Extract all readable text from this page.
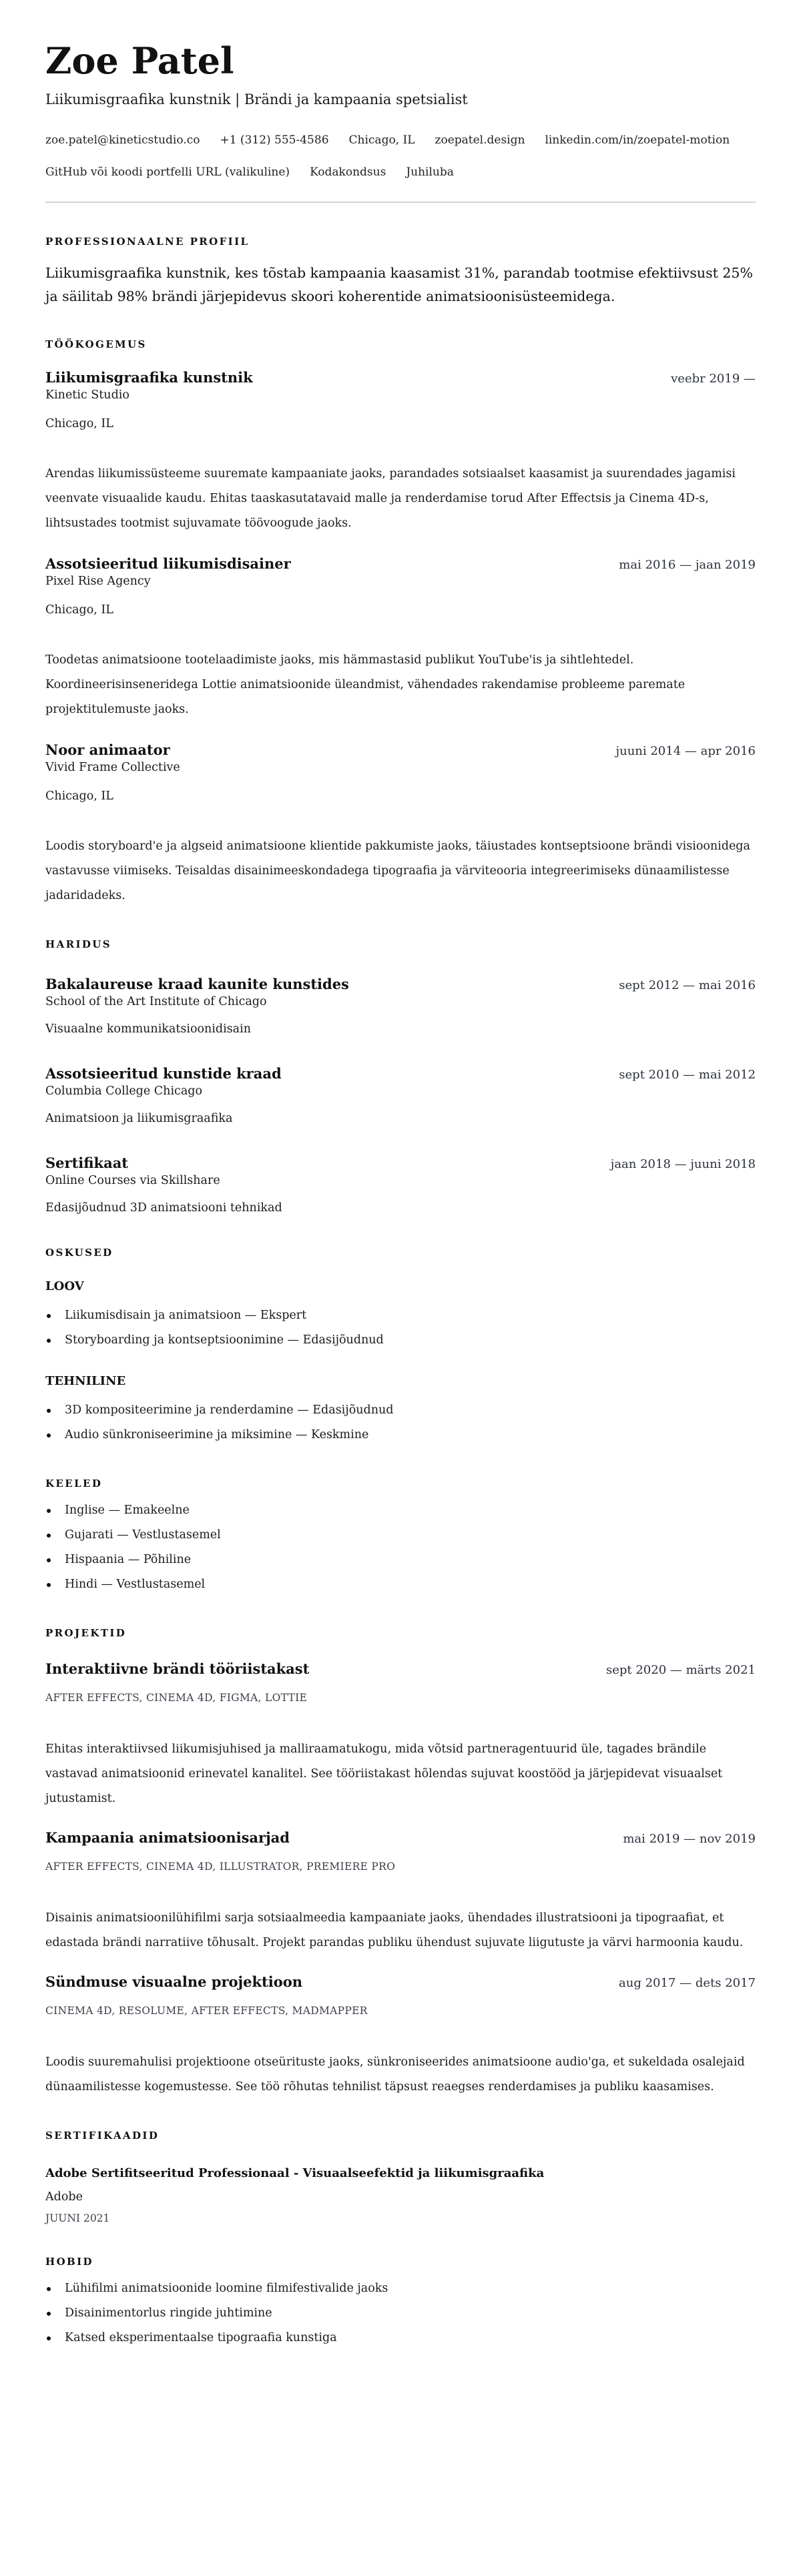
Zoe Patel
Liikumisgraafika kunstnik | Brändi ja kampaania spetsialist
zoe.patel@kineticstudio.co +1 (312) 555-4586 Chicago, IL zoepatel.design linkedin.com/in/zoepatel-motion
GitHub või koodi portfelli URL (valikuline) Kodakondsus Juhiluba
PROFESSIONAALNE PROFIIL

Liikumisgraafika kunstnik, kes tõstab kampaania kaasamist 31%, parandab tootmise efektiivsust 25% ja säilitab 98% brändi järjepidevus skoori koherentide animatsioonisüsteemidega.

TÖÖKOGEMUS
Liikumisgraafika kunstnik	veebr 2019 —
Kinetic Studio
Chicago, IL

Arendas liikumissüsteeme suuremate kampaaniate jaoks, parandades sotsiaalset kaasamist ja suurendades jagamisi veenvate visuaalide kaudu. Ehitas taaskasutatavaid malle ja renderdamise torud After Effectsis ja Cinema 4D-s, lihtsustades tootmist sujuvamate töövoogude jaoks.

Assotsieeritud liikumisdisainer	mai 2016 — jaan 2019
Pixel Rise Agency
Chicago, IL

Toodetas animatsioone tootelaadimiste jaoks, mis hämmastasid publikut YouTube'is ja sihtlehtedel. Koordineerisinseneridega Lottie animatsioonide üleandmist, vähendades rakendamise probleeme paremate projektitulemuste jaoks.

Noor animaator	juuni 2014 — apr 2016
Vivid Frame Collective
Chicago, IL

Loodis storyboard'e ja algseid animatsioone klientide pakkumiste jaoks, täiustades kontseptsioone brändi visioonidega vastavusse viimiseks. Teisaldas disainimeeskondadega tipograafia ja värviteooria integreerimiseks dünaamilistesse jadaridadeks.

HARIDUS
Bakalaureuse kraad kaunite kunstides	sept 2012 — mai 2016
School of the Art Institute of Chicago
Visuaalne kommunikatsioonidisain
Assotsieeritud kunstide kraad	sept 2010 — mai 2012
Columbia College Chicago
Animatsioon ja liikumisgraafika
Sertifikaat	jaan 2018 — juuni 2018
Online Courses via Skillshare
Edasijõudnud 3D animatsiooni tehnikad
OSKUSED
LOOV
Liikumisdisain ja animatsioon — Ekspert
Storyboarding ja kontseptsioonimine — Edasijõudnud
TEHNILINE
3D kompositeerimine ja renderdamine — Edasijõudnud
Audio sünkroniseerimine ja miksimine — Keskmine
KEELED
Inglise — Emakeelne
Gujarati — Vestlustasemel
Hispaania — Põhiline
Hindi — Vestlustasemel
PROJEKTID
Interaktiivne brändi tööriistakast	sept 2020 — märts 2021
AFTER EFFECTS, CINEMA 4D, FIGMA, LOTTIE

Ehitas interaktiivsed liikumisjuhised ja malliraamatukogu, mida võtsid partneragentuurid üle, tagades brändile vastavad animatsioonid erinevatel kanalitel. See tööriistakast hõlendas sujuvat koostööd ja järjepidevat visuaalset jutustamist.

Kampaania animatsioonisarjad	mai 2019 — nov 2019
AFTER EFFECTS, CINEMA 4D, ILLUSTRATOR, PREMIERE PRO

Disainis animatsioonilühifilmi sarja sotsiaalmeedia kampaaniate jaoks, ühendades illustratsiooni ja tipograafiat, et edastada brändi narratiive tõhusalt. Projekt parandas publiku ühendust sujuvate liigutuste ja värvi harmoonia kaudu.

Sündmuse visuaalne projektioon	aug 2017 — dets 2017
CINEMA 4D, RESOLUME, AFTER EFFECTS, MADMAPPER

Loodis suuremahulisi projektioone otseürituste jaoks, sünkroniseerides animatsioone audio'ga, et sukeldada osalejaid dünaamilistesse kogemustesse. See töö rõhutas tehnilist täpsust reaegses renderdamises ja publiku kaasamises.

SERTIFIKAADID
Adobe Sertifitseeritud Professionaal - Visuaalseefektid ja liikumisgraafika
Adobe
JUUNI 2021
HOBID
Lühifilmi animatsioonide loomine filmifestivalide jaoks
Disainimentorlus ringide juhtimine
Katsed eksperimentaalse tipograafia kunstiga
